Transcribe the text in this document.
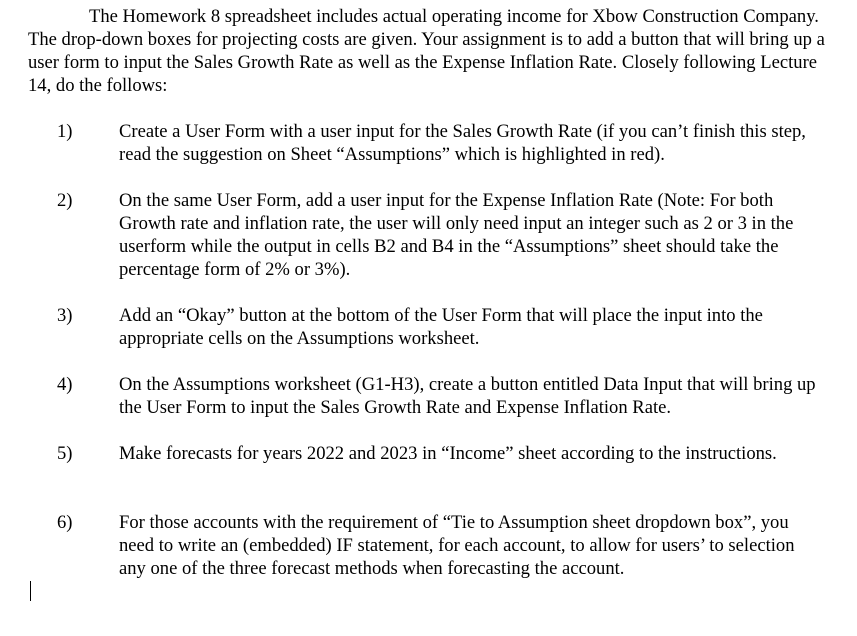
The Homework 8 spreadsheet includes actual operating income for Xbow Construction Company. The drop-down boxes for projecting costs are given. Your assignment is to add a button that will bring up a user form to input the Sales Growth Rate as well as the Expense Inflation Rate. Closely following Lecture 14, do the follows:

1)	Create a User Form with a user input for the Sales Growth Rate (if you can’t finish this step, read the suggestion on Sheet “Assumptions” which is highlighted in red).

2)	On the same User Form, add a user input for the Expense Inflation Rate (Note: For both Growth rate and inflation rate, the user will only need input an integer such as 2 or 3 in the userform while the output in cells B2 and B4 in the “Assumptions” sheet should take the percentage form of 2% or 3%).

3)	Add an “Okay” button at the bottom of the User Form that will place the input into the appropriate cells on the Assumptions worksheet.

4)	On the Assumptions worksheet (G1-H3), create a button entitled Data Input that will bring up the User Form to input the Sales Growth Rate and Expense Inflation Rate.

5)	Make forecasts for years 2022 and 2023 in “Income” sheet according to the instructions.

6)	For those accounts with the requirement of “Tie to Assumption sheet dropdown box”, you need to write an (embedded) IF statement, for each account, to allow for users’ to selection any one of the three forecast methods when forecasting the account.
